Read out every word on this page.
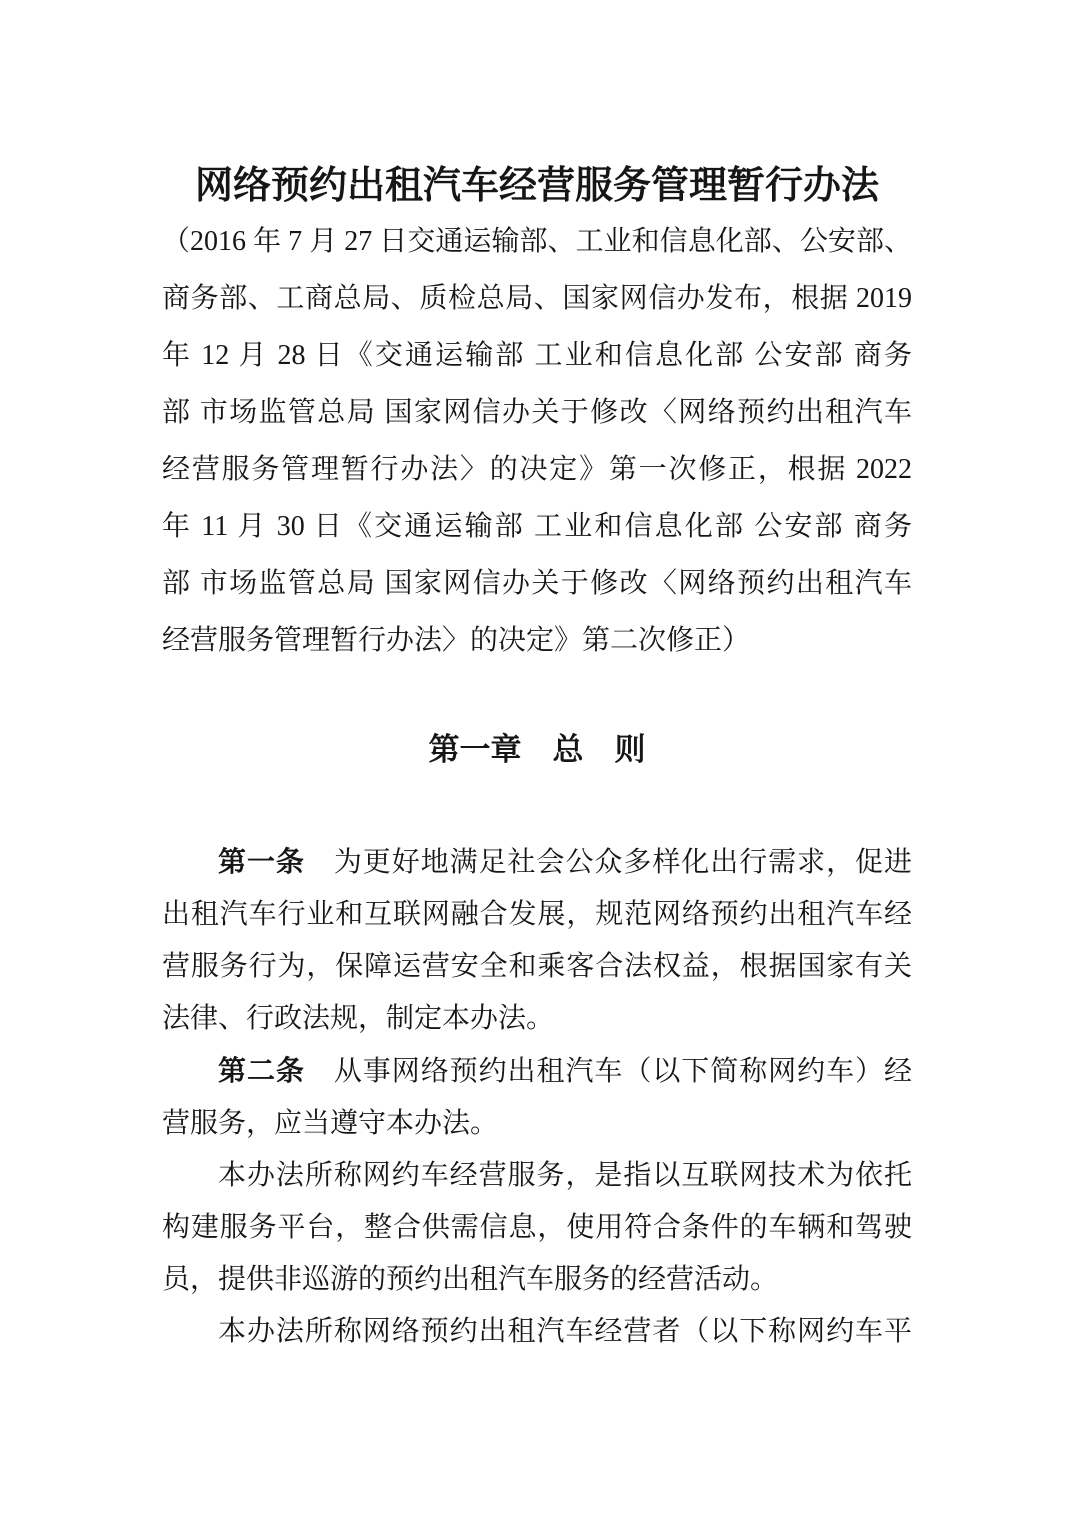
网络预约出租汽车经营服务管理暂行办法
（2016 年 7 月 27 日交通运输部、工业和信息化部、公安部、
商务部、工商总局、质检总局、国家网信办发布，根据 2019
年 12 月 28 日《交通运输部 工业和信息化部 公安部 商务
部 市场监管总局 国家网信办关于修改〈网络预约出租汽车
经营服务管理暂行办法〉的决定》第一次修正，根据 2022
年 11 月 30 日《交通运输部 工业和信息化部 公安部 商务
部 市场监管总局 国家网信办关于修改〈网络预约出租汽车
经营服务管理暂行办法〉的决定》第二次修正）
第一章　总　则
第一条　为更好地满足社会公众多样化出行需求，促进
出租汽车行业和互联网融合发展，规范网络预约出租汽车经
营服务行为，保障运营安全和乘客合法权益，根据国家有关
法律、行政法规，制定本办法。
第二条　从事网络预约出租汽车（以下简称网约车）经
营服务，应当遵守本办法。
本办法所称网约车经营服务，是指以互联网技术为依托
构建服务平台，整合供需信息，使用符合条件的车辆和驾驶
员，提供非巡游的预约出租汽车服务的经营活动。
本办法所称网络预约出租汽车经营者（以下称网约车平
